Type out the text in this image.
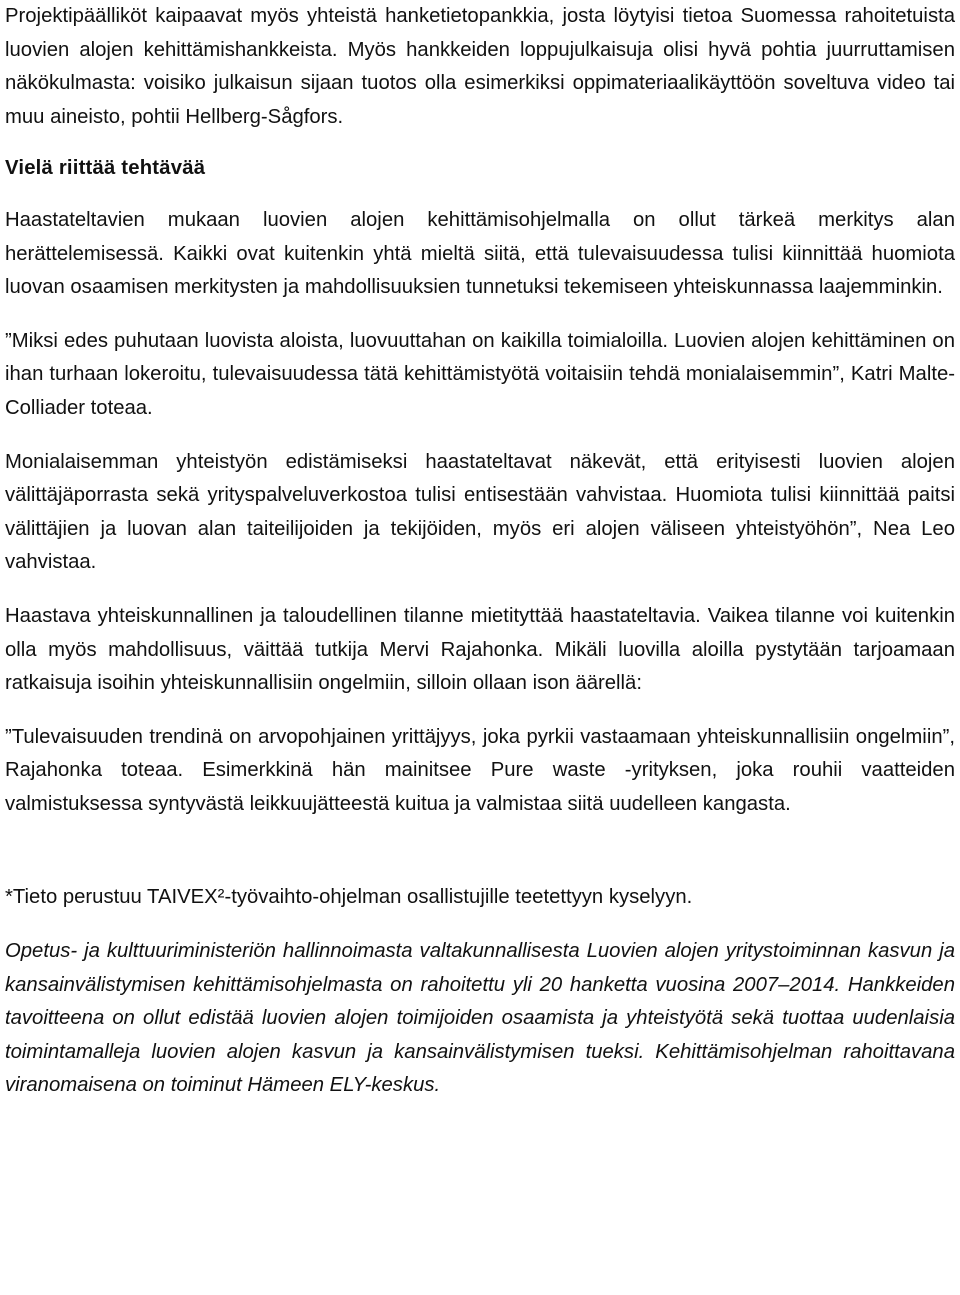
Projektipäälliköt kaipaavat myös yhteistä hanketietopankkia, josta löytyisi tietoa Suomessa rahoitetuista luovien alojen kehittämishankkeista. Myös hankkeiden loppujulkaisuja olisi hyvä pohtia juurruttamisen näkökulmasta: voisiko julkaisun sijaan tuotos olla esimerkiksi oppimateriaalikäyttöön soveltuva video tai muu aineisto, pohtii Hellberg-Sågfors.

Vielä riittää tehtävää

Haastateltavien mukaan luovien alojen kehittämisohjelmalla on ollut tärkeä merkitys alan herättelemisessä. Kaikki ovat kuitenkin yhtä mieltä siitä, että tulevaisuudessa tulisi kiinnittää huomiota luovan osaamisen merkitysten ja mahdollisuuksien tunnetuksi tekemiseen yhteiskunnassa laajemminkin.

”Miksi edes puhutaan luovista aloista, luovuuttahan on kaikilla toimialoilla. Luovien alojen kehittäminen on ihan turhaan lokeroitu, tulevaisuudessa tätä kehittämistyötä voitaisiin tehdä monialaisemmin”, Katri Malte-Colliader toteaa.

Monialaisemman yhteistyön edistämiseksi haastateltavat näkevät, että erityisesti luovien alojen välittäjäporrasta sekä yrityspalveluverkostoa tulisi entisestään vahvistaa. Huomiota tulisi kiinnittää paitsi välittäjien ja luovan alan taiteilijoiden ja tekijöiden, myös eri alojen väliseen yhteistyöhön”, Nea Leo vahvistaa.

Haastava yhteiskunnallinen ja taloudellinen tilanne mietityttää haastateltavia. Vaikea tilanne voi kuitenkin olla myös mahdollisuus, väittää tutkija Mervi Rajahonka. Mikäli luovilla aloilla pystytään tarjoamaan ratkaisuja isoihin yhteiskunnallisiin ongelmiin, silloin ollaan ison äärellä:

”Tulevaisuuden trendinä on arvopohjainen yrittäjyys, joka pyrkii vastaamaan yhteiskunnallisiin ongelmiin”, Rajahonka toteaa. Esimerkkinä hän mainitsee Pure waste -yrityksen, joka rouhii vaatteiden valmistuksessa syntyvästä leikkuujätteestä kuitua ja valmistaa siitä uudelleen kangasta.

*Tieto perustuu TAIVEX²-työvaihto-ohjelman osallistujille teetettyyn kyselyyn.

Opetus- ja kulttuuriministeriön hallinnoimasta valtakunnallisesta Luovien alojen yritystoiminnan kasvun ja kansainvälistymisen kehittämisohjelmasta on rahoitettu yli 20 hanketta vuosina 2007–2014. Hankkeiden tavoitteena on ollut edistää luovien alojen toimijoiden osaamista ja yhteistyötä sekä tuottaa uudenlaisia toimintamalleja luovien alojen kasvun ja kansainvälistymisen tueksi. Kehittämisohjelman rahoittavana viranomaisena on toiminut Hämeen ELY-keskus.
